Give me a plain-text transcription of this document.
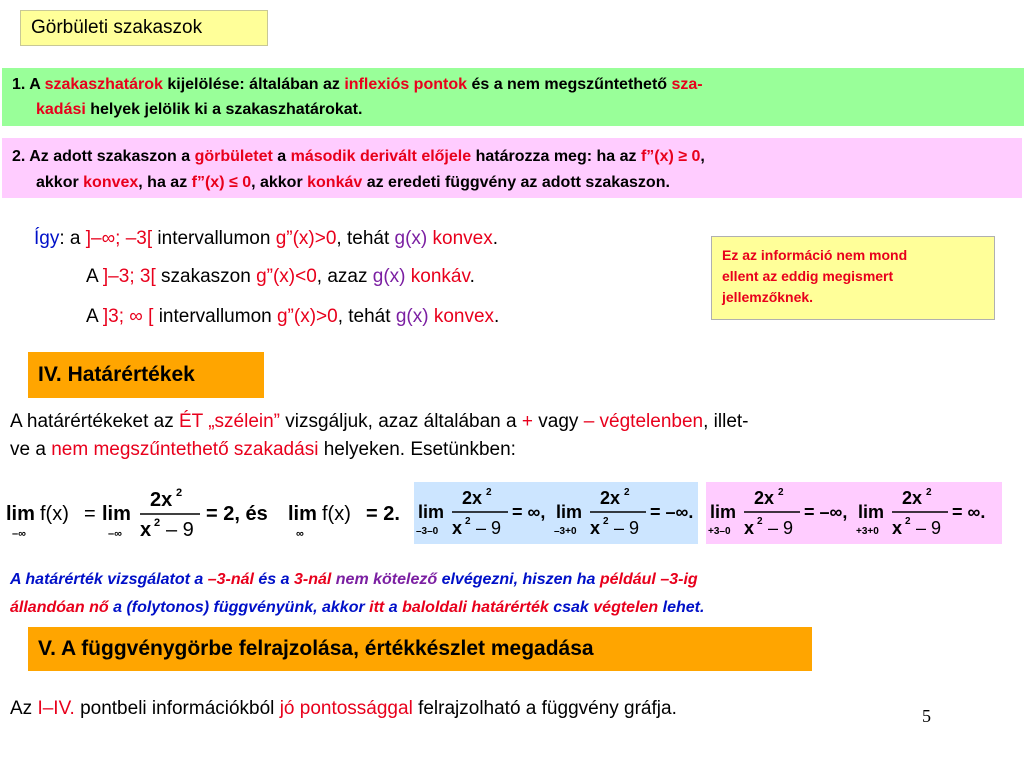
Görbületi szakaszok
1. A szakaszhatárok kijelölése: általában az inflexiós pontok és a nem megszűntethető sza-
kadási helyek jelölik ki a szakaszhatárokat.
2. Az adott szakaszon a görbületet a második derivált előjele határozza meg: ha az f”(x) ≥ 0,
akkor konvex, ha az f”(x) ≤ 0, akkor konkáv az eredeti függvény az adott szakaszon.
Így: a ]–∞; –3[ intervallumon g”(x)>0, tehát g(x) konvex.
A ]–3; 3[ szakaszon g”(x)<0, azaz g(x) konkáv.
A ]3; ∞ [ intervallumon g”(x)>0, tehát g(x) konvex.
Ez az információ nem mond
ellent az eddig megismert
jellemzőknek.
IV. Határértékek
A határértékeket az ÉT „szélein” vizsgáljuk, azaz általában a + vagy – végtelenben, illet-
ve a nem megszűntethető szakadási helyeken. Esetünkben:
lim
–∞
f(x) = lim
–∞
2x 2
x 2 – 9
= 2, és lim
∞
f(x) = 2. lim
–3–0
2x 2
x 2 – 9
= ∞, lim
–3+0
2x 2
x 2 – 9
= –∞. lim
+3–0
2x 2
x 2 – 9
= –∞, lim
+3+0
2x 2
x 2 – 9
= ∞.
A határérték vizsgálatot a –3-nál és a 3-nál nem kötelező elvégezni, hiszen ha például –3-ig
állandóan nő a (folytonos) függvényünk, akkor itt a baloldali határérték csak végtelen lehet.
V. A függvénygörbe felrajzolása, értékkészlet megadása
Az I–IV. pontbeli információkból jó pontossággal felrajzolható a függvény gráfja.	5
